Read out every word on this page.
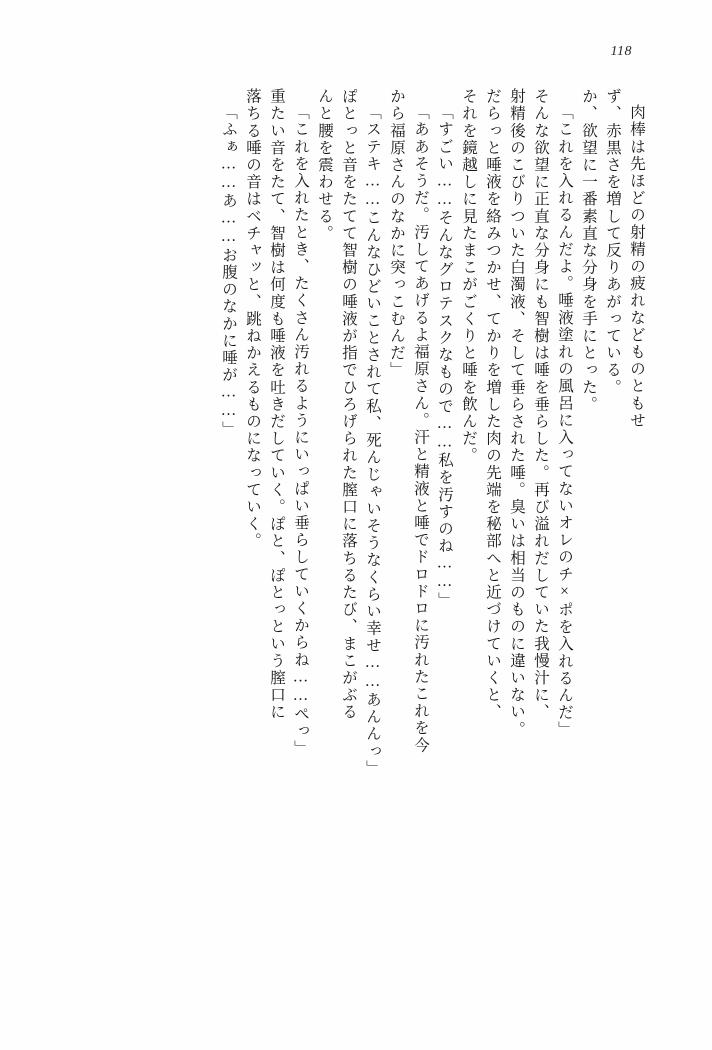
118
肉棒は先ほどの射精の疲れなどものともせ
ず、赤黒さを増して反りあがっている。
か、欲望に一番素直な分身を手にとった。
「これを入れるんだよ。唾液塗れの風呂に入ってないオレのチ×ポを入れるんだ」
そんな欲望に正直な分身にも智樹は唾を垂らした。再び溢れだしていた我慢汁に、
射精後のこびりついた白濁液、そして垂らされた唾。臭いは相当のものに違いない。
だらっと唾液を絡みつかせ、てかりを増した肉の先端を秘部へと近づけていくと、
それを鏡越しに見たまこがごくりと唾を飲んだ。
「すごい……そんなグロテスクなもので……私を汚すのね……」
「ああそうだ。汚してあげるよ福原さん。汗と精液と唾でドロドロに汚れたこれを今
から福原さんのなかに突っこむんだ」
「ステキ……こんなひどいことされて私、死んじゃいそうなくらい幸せ……あんんっ」
ぽとっと音をたてて智樹の唾液が指でひろげられた膣口に落ちるたび、まこがぶる
んと腰を震わせる。
「これを入れたとき、たくさん汚れるようにいっぱい垂らしていくからね……ぺっ」
重たい音をたて、智樹は何度も唾液を吐きだしていく。ぽと、ぽとっという膣口に
落ちる唾の音はベチャッと、跳ねかえるものになっていく。
「ふぁ……あ……お腹のなかに唾が……」
